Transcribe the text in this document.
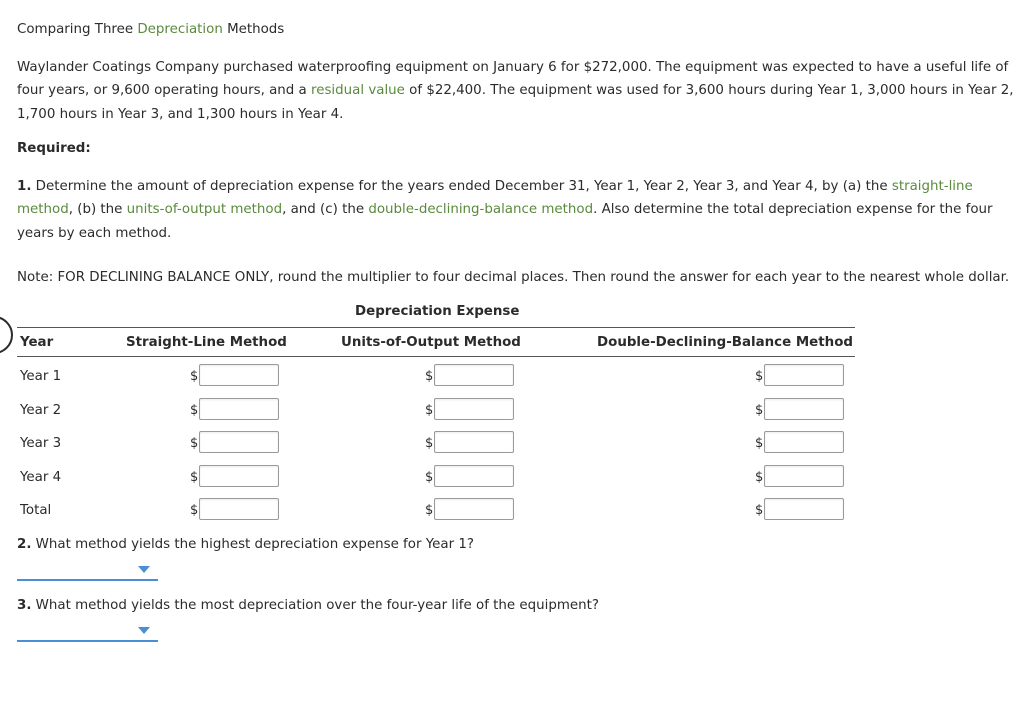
Comparing Three Depreciation Methods
Waylander Coatings Company purchased waterproofing equipment on January 6 for $272,000. The equipment was expected to have a useful life of four years, or 9,600 operating hours, and a residual value of $22,400. The equipment was used for 3,600 hours during Year 1, 3,000 hours in Year 2, 1,700 hours in Year 3, and 1,300 hours in Year 4.
Required:
1. Determine the amount of depreciation expense for the years ended December 31, Year 1, Year 2, Year 3, and Year 4, by (a) the straight-line method, (b) the units-of-output method, and (c) the double-declining-balance method. Also determine the total depreciation expense for the four years by each method.
Note: FOR DECLINING BALANCE ONLY, round the multiplier to four decimal places. Then round the answer for each year to the nearest whole dollar.
Depreciation Expense
Year	Straight-Line Method	Units-of-Output Method	Double-Declining-Balance Method
Year 1	$	$	$
Year 2	$	$	$
Year 3	$	$	$
Year 4	$	$	$
Total	$	$	$
2. What method yields the highest depreciation expense for Year 1?
3. What method yields the most depreciation over the four-year life of the equipment?
